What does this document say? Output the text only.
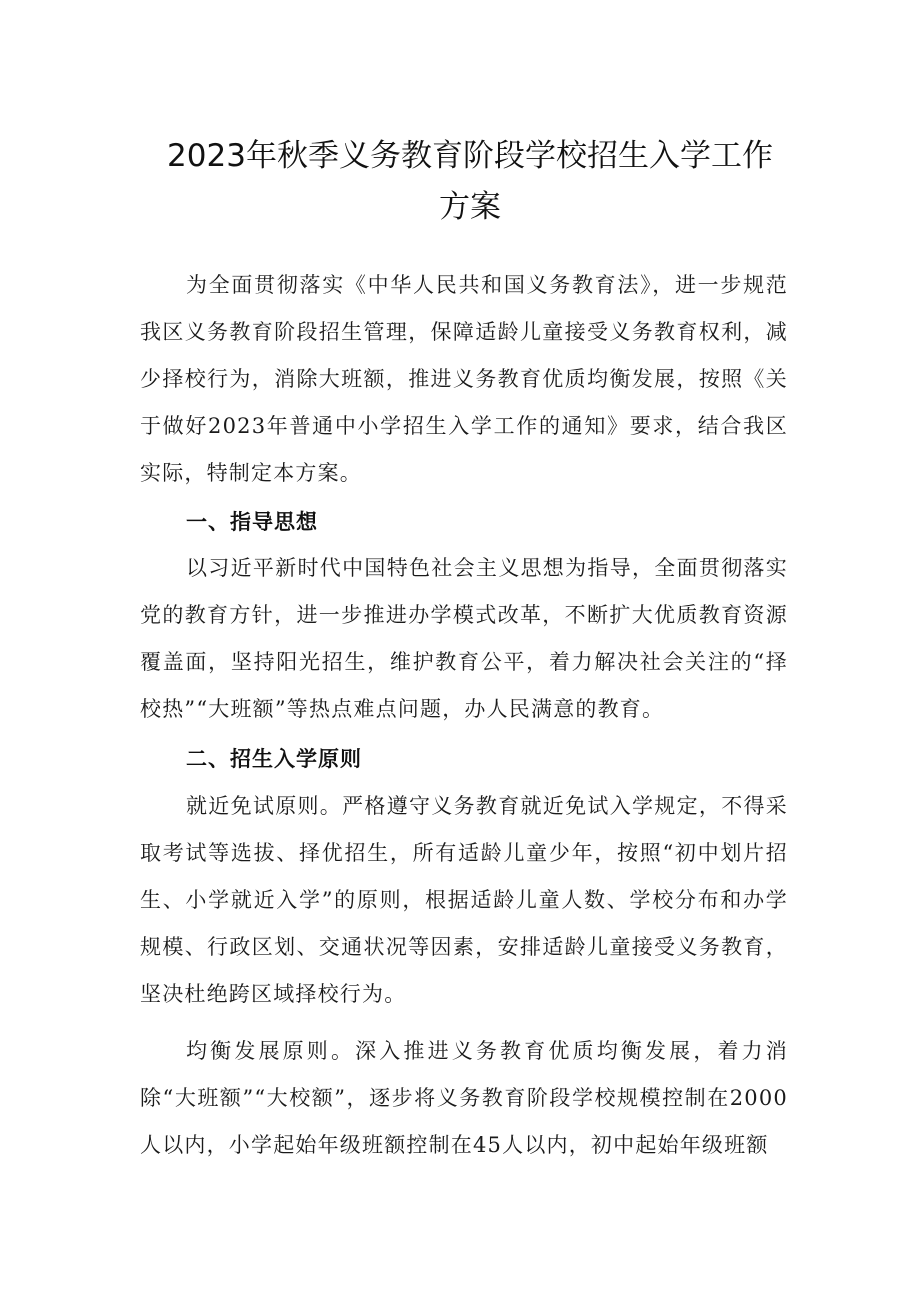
2023年秋季义务教育阶段学校招生入学工作
方案

为全面贯彻落实《中华人民共和国义务教育法》，进一步规范我区义务教育阶段招生管理，保障适龄儿童接受义务教育权利，减少择校行为，消除大班额，推进义务教育优质均衡发展，按照《关于做好2023年普通中小学招生入学工作的通知》要求，结合我区实际，特制定本方案。

一、指导思想

以习近平新时代中国特色社会主义思想为指导，全面贯彻落实党的教育方针，进一步推进办学模式改革，不断扩大优质教育资源覆盖面，坚持阳光招生，维护教育公平，着力解决社会关注的“择校热”“大班额”等热点难点问题，办人民满意的教育。

二、招生入学原则

就近免试原则。严格遵守义务教育就近免试入学规定，不得采取考试等选拔、择优招生，所有适龄儿童少年，按照“初中划片招生、小学就近入学”的原则，根据适龄儿童人数、学校分布和办学规模、行政区划、交通状况等因素，安排适龄儿童接受义务教育，坚决杜绝跨区域择校行为。

均衡发展原则。深入推进义务教育优质均衡发展，着力消除“大班额”“大校额”，逐步将义务教育阶段学校规模控制在2000人以内，小学起始年级班额控制在45人以内，初中起始年级班额
